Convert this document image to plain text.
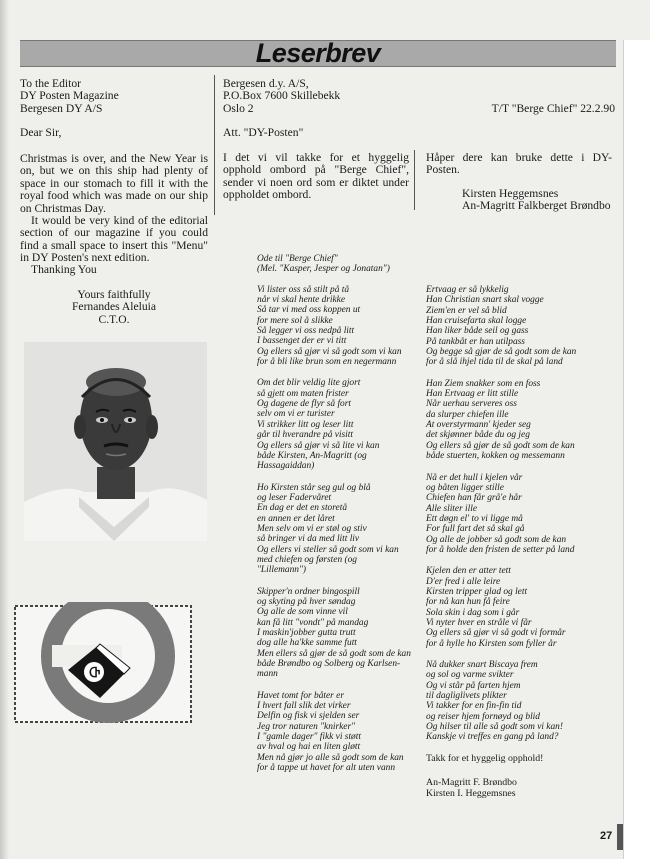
Leserbrev
To the Editor
DY Posten Magazine
Bergesen DY A/S
Dear Sir,
Christmas is over, and the New Year is on, but we on this ship had plenty of space in our stomach to fill it with the royal food which was made on our ship on Christmas Day.
It would be very kind of the editorial section of our magazine if you could find a small space to insert this "Menu" in DY Posten's next edition.
Thanking You
Yours faithfully
Fernandes Aleluia
C.T.O.
Ⴇ
Bergesen d.y. A/S,
P.O.Box 7600 Skillebekk
Oslo 2	T/T "Berge Chief" 22.2.90
Att. "DY-Posten"
I det vi vil takke for et hyggelig opphold ombord på "Berge Chief", sender vi noen ord som er diktet under oppholdet ombord.
Håper dere kan bruke dette i DY-Posten.
Kirsten Heggemsnes
An-Magritt Falkberget Brøndbo
Ode til "Berge Chief"
(Mel. "Kasper, Jesper og Jonatan")
Vi lister oss så stilt på tå
når vi skal hente drikke
Så tar vi med oss koppen ut
for mere sol å slikke
Så legger vi oss nedpå litt
I bassenget der er vi titt
Og ellers så gjør vi så godt som vi kan
for å bli like brun som en negermann
Om det blir veldig lite gjort
så gjett om maten frister
Og dagene de flyr så fort
selv om vi er turister
Vi strikker litt og leser litt
går til hverandre på visitt
Og ellers så gjør vi så lite vi kan
både Kirsten, An-Magritt (og
Hassagaiddan)
Ho Kirsten står seg gul og blå
og leser Fadervåret
En dag er det en storetå
en annen er det låret
Men selv om vi er støl og stiv
så bringer vi da med litt liv
Og ellers vi steller så godt som vi kan
med chiefen og førsten (og
"Lillemann")
Skipper'n ordner bingospill
og skyting på hver søndag
Og alle de som vinne vil
kan få litt "vondt" på mandag
I maskin'jobber gutta trutt
dog alle ha'kke samme futt
Men ellers så gjør de så godt som de kan
både Brøndbo og Solberg og Karlsen-
mann
Havet tomt for båter er
I hvert fall slik det virker
Delfin og fisk vi sjelden ser
Jeg tror naturen "knirker"
I "gamle dager" fikk vi støtt
av hval og hai en liten gløtt
Men nå gjør jo alle så godt som de kan
for å tappe ut havet for alt uten vann
Ertvaag er så lykkelig
Han Christian snart skal vogge
Ziem'en er vel så blid
Han cruisefarta skal logge
Han liker både seil og gass
På tankbåt er han utilpass
Og begge så gjør de så godt som de kan
for å slå ihjel tida til de skal på land
Han Ziem snakker som en foss
Han Ertvaag er litt stille
Når uerhau serveres oss
da slurper chiefen ille
At overstyrmann' kjeder seg
det skjønner både du og jeg
Og ellers så gjør de så godt som de kan
både stuerten, kokken og messemann
Nå er det hull i kjelen vår
og båten ligger stille
Chiefen han får grå'e hår
Alle sliter ille
Ett døgn el' to vi ligge må
For full fart det så skal gå
Og alle de jobber så godt som de kan
for å holde den fristen de setter på land
Kjelen den er atter tett
D'er fred i alle leire
Kirsten tripper glad og lett
for nå kan hun få feire
Sola skin i dag som i går
Vi nyter hver en stråle vi får
Og ellers så gjør vi så godt vi formår
for å hylle ho Kirsten som fyller år
Nå dukker snart Biscaya frem
og sol og varme svikter
Og vi står på farten hjem
til dagliglivets plikter
Vi takker for en fin-fin tid
og reiser hjem fornøyd og blid
Og hilser til alle så godt som vi kan!
Kanskje vi treffes en gang på land?
Takk for et hyggelig opphold!
An-Magritt F. Brøndbo
Kirsten I. Heggemsnes
27
